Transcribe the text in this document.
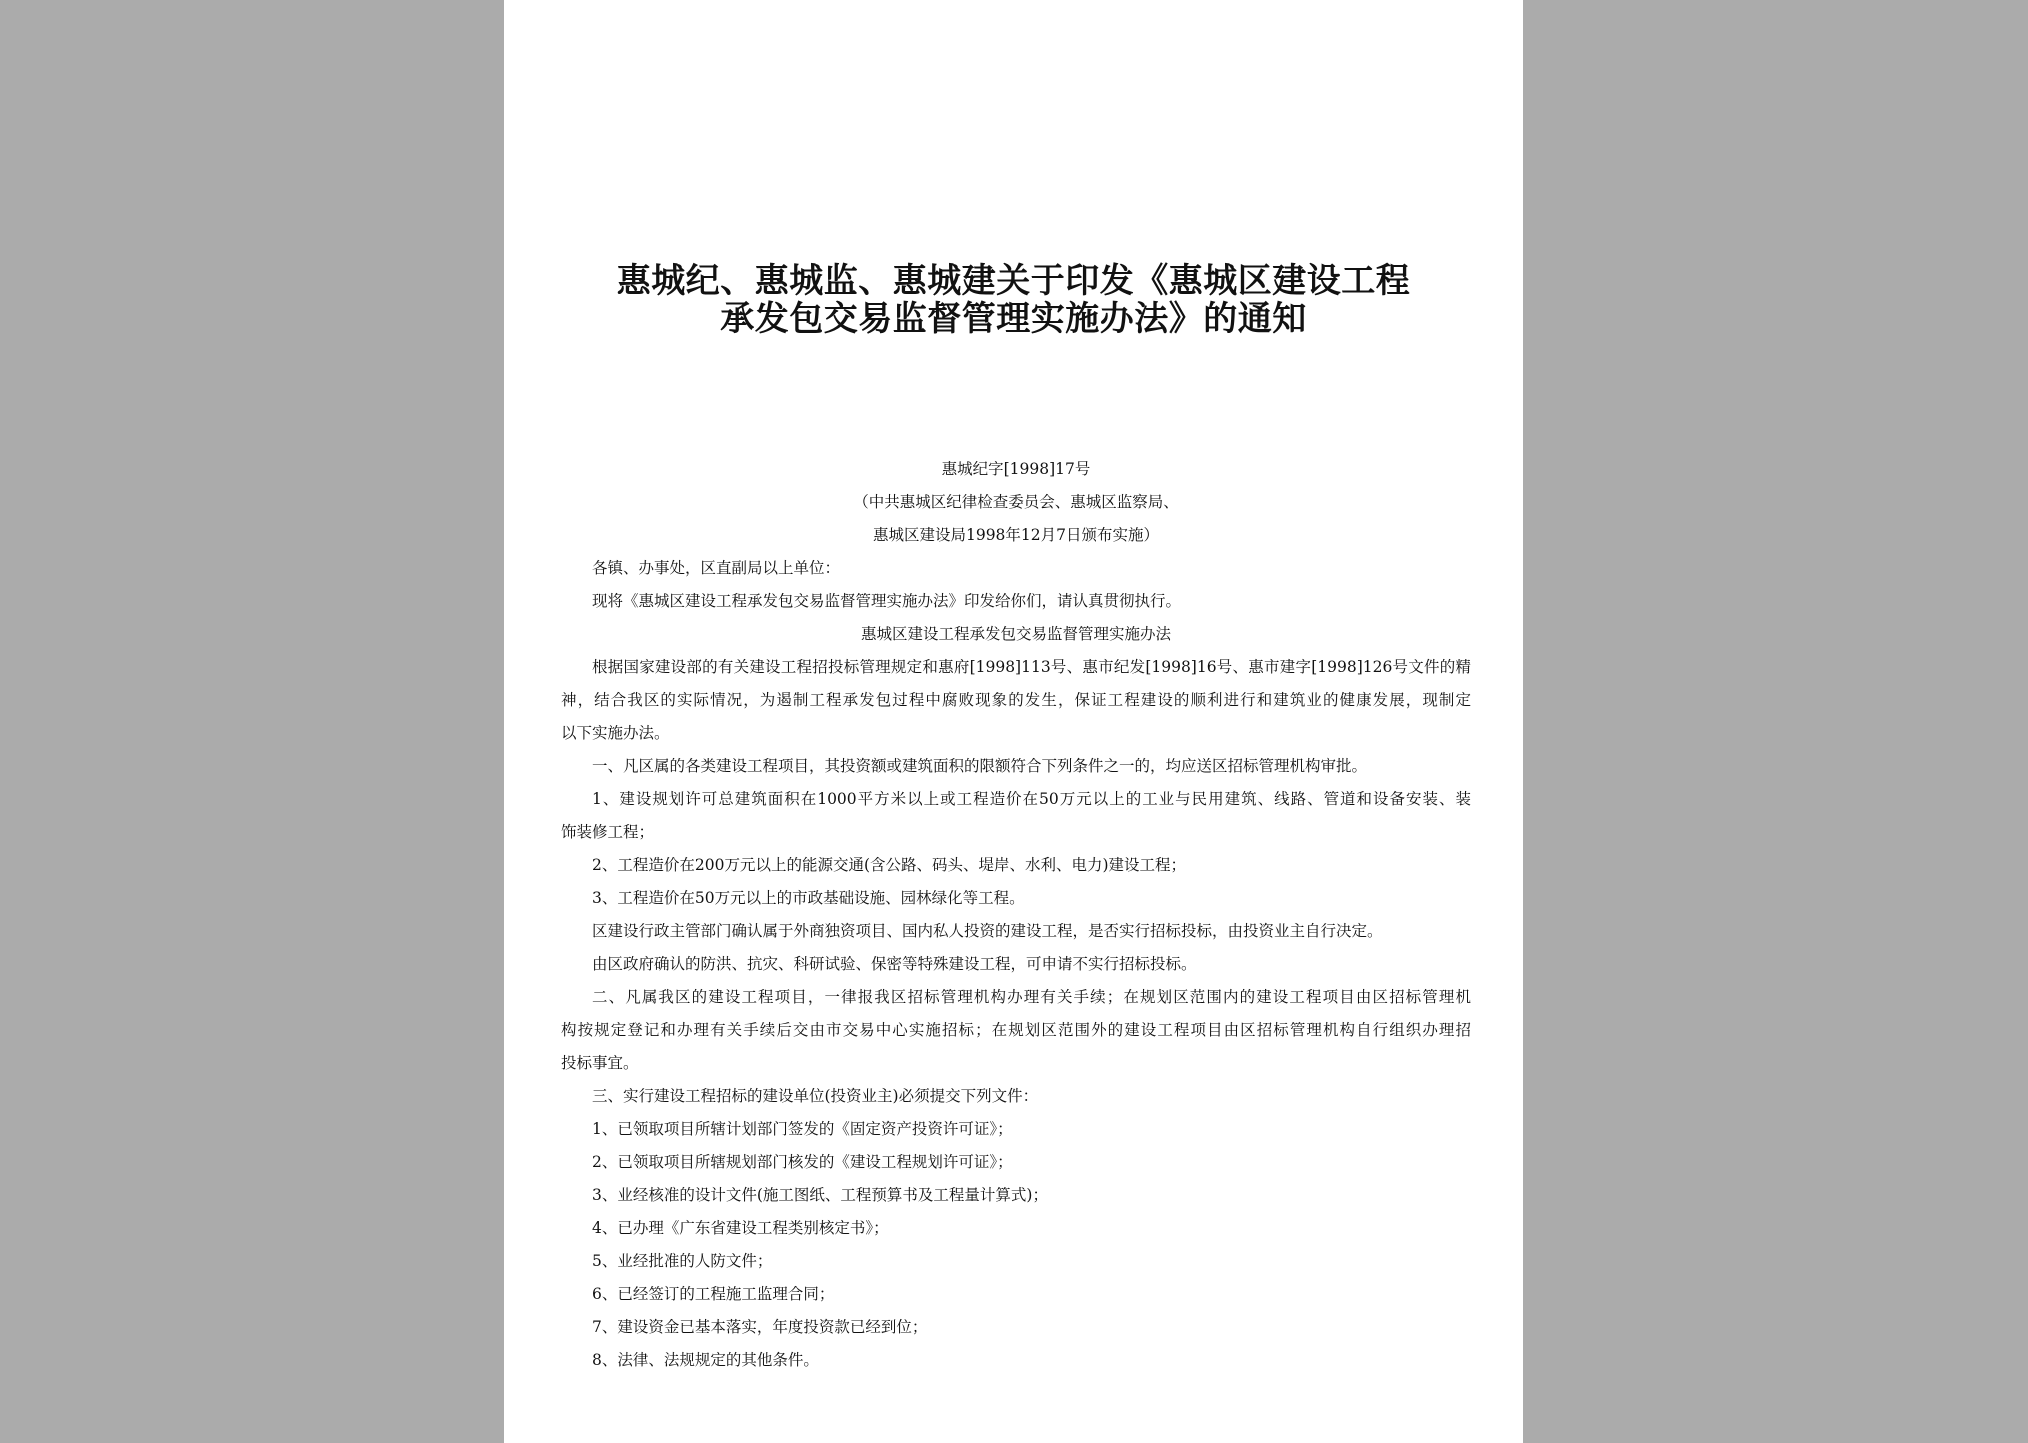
惠城纪、惠城监、惠城建关于印发《惠城区建设工程
承发包交易监督管理实施办法》的通知
惠城纪字[1998]17号
（中共惠城区纪律检查委员会、惠城区监察局、
惠城区建设局1998年12月7日颁布实施）
各镇、办事处，区直副局以上单位：
现将《惠城区建设工程承发包交易监督管理实施办法》印发给你们，请认真贯彻执行。
惠城区建设工程承发包交易监督管理实施办法
根据国家建设部的有关建设工程招投标管理规定和惠府[1998]113号、惠市纪发[1998]16号、惠市建字[1998]126号文件的精
神，结合我区的实际情况，为遏制工程承发包过程中腐败现象的发生，保证工程建设的顺利进行和建筑业的健康发展，现制定
以下实施办法。
一、凡区属的各类建设工程项目，其投资额或建筑面积的限额符合下列条件之一的，均应送区招标管理机构审批。
1、建设规划许可总建筑面积在1000平方米以上或工程造价在50万元以上的工业与民用建筑、线路、管道和设备安装、装
饰装修工程；
2、工程造价在200万元以上的能源交通(含公路、码头、堤岸、水利、电力)建设工程；
3、工程造价在50万元以上的市政基础设施、园林绿化等工程。
区建设行政主管部门确认属于外商独资项目、国内私人投资的建设工程，是否实行招标投标，由投资业主自行决定。
由区政府确认的防洪、抗灾、科研试验、保密等特殊建设工程，可申请不实行招标投标。
二、凡属我区的建设工程项目，一律报我区招标管理机构办理有关手续；在规划区范围内的建设工程项目由区招标管理机
构按规定登记和办理有关手续后交由市交易中心实施招标；在规划区范围外的建设工程项目由区招标管理机构自行组织办理招
投标事宜。
三、实行建设工程招标的建设单位(投资业主)必须提交下列文件：
1、已领取项目所辖计划部门签发的《固定资产投资许可证》；
2、已领取项目所辖规划部门核发的《建设工程规划许可证》；
3、业经核准的设计文件(施工图纸、工程预算书及工程量计算式)；
4、已办理《广东省建设工程类别核定书》；
5、业经批准的人防文件；
6、已经签订的工程施工监理合同；
7、建设资金已基本落实，年度投资款已经到位；
8、法律、法规规定的其他条件。
